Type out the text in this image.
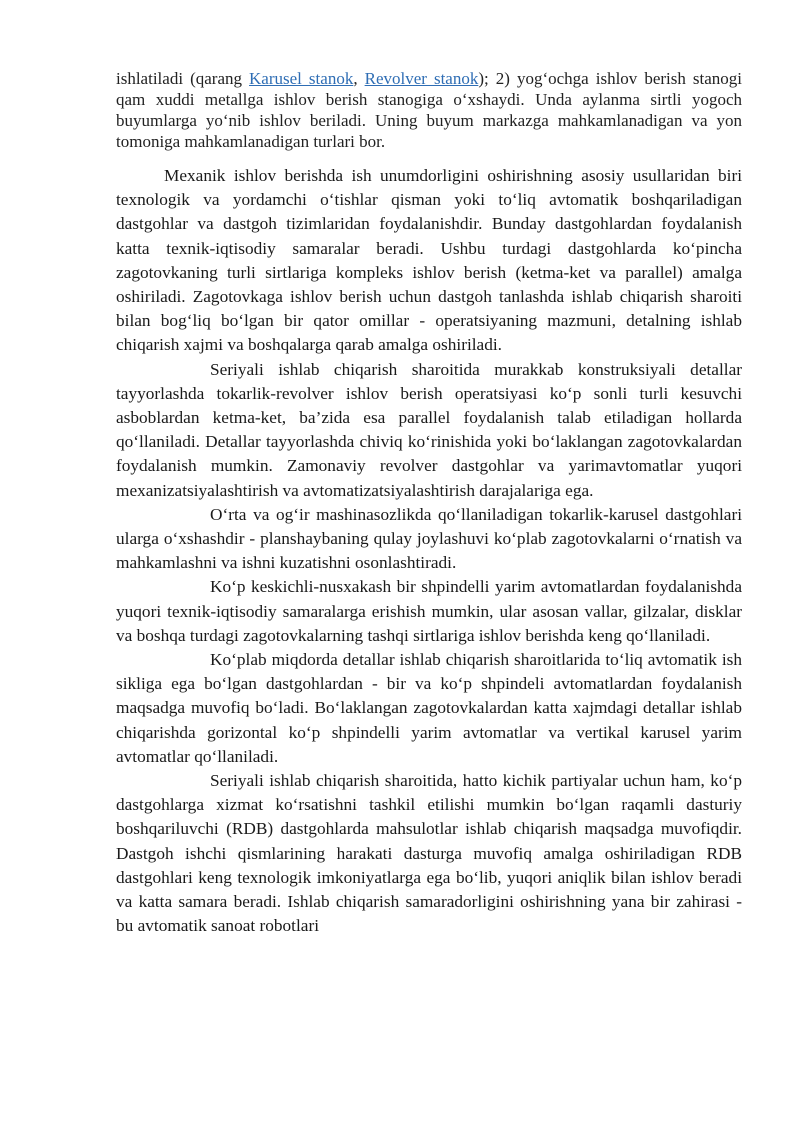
ishlatiladi (qarang Karusel stanok, Revolver stanok); 2) yog‘ochga ishlov berish stanogi qam xuddi metallga ishlov berish stanogiga o‘xshaydi. Unda aylanma sirtli yogoch buyumlarga yo‘nib ishlov beriladi. Uning buyum markazga mahkamlanadigan va yon tomoniga mahkamlanadigan turlari bor.

Mexanik ishlov berishda ish unumdorligini oshirishning asosiy usullaridan biri texnologik va yordamchi o‘tishlar qisman yoki to‘liq avtomatik boshqariladigan dastgohlar va dastgoh tizimlaridan foydalanishdir. Bunday dastgohlardan foydalanish katta texnik-iqtisodiy samaralar beradi. Ushbu turdagi dastgohlarda ko‘pincha zagotovkaning turli sirtlariga kompleks ishlov berish (ketma-ket va parallel) amalga oshiriladi. Zagotovkaga ishlov berish uchun dastgoh tanlashda ishlab chiqarish sharoiti bilan bog‘liq bo‘lgan bir qator omillar - operatsiyaning mazmuni, detalning ishlab chiqarish xajmi va boshqalarga qarab amalga oshiriladi.

Seriyali ishlab chiqarish sharoitida murakkab konstruksiyali detallar tayyorlashda tokarlik-revolver ishlov berish operatsiyasi ko‘p sonli turli kesuvchi asboblardan ketma-ket, ba’zida esa parallel foydalanish talab etiladigan hollarda qo‘llaniladi. Detallar tayyorlashda chiviq ko‘rinishida yoki bo‘laklangan zagotovkalardan foydalanish mumkin. Zamonaviy revolver dastgohlar va yarimavtomatlar yuqori mexanizatsiyalashtirish va avtomatizatsiyalashtirish darajalariga ega.

O‘rta va og‘ir mashinasozlikda qo‘llaniladigan tokarlik-karusel dastgohlari ularga o‘xshashdir - planshaybaning qulay joylashuvi ko‘plab zagotovkalarni o‘rnatish va mahkamlashni va ishni kuzatishni osonlashtiradi.

Ko‘p keskichli-nusxakash bir shpindelli yarim avtomatlardan foydalanishda yuqori texnik-iqtisodiy samaralarga erishish mumkin, ular asosan vallar, gilzalar, disklar va boshqa turdagi zagotovkalarning tashqi sirtlariga ishlov berishda keng qo‘llaniladi.

Ko‘plab miqdorda detallar ishlab chiqarish sharoitlarida to‘liq avtomatik ish sikliga ega bo‘lgan dastgohlardan - bir va ko‘p shpindeli avtomatlardan foydalanish maqsadga muvofiq bo‘ladi. Bo‘laklangan zagotovkalardan katta xajmdagi detallar ishlab chiqarishda gorizontal ko‘p shpindelli yarim avtomatlar va vertikal karusel yarim avtomatlar qo‘llaniladi.

Seriyali ishlab chiqarish sharoitida, hatto kichik partiyalar uchun ham, ko‘p dastgohlarga xizmat ko‘rsatishni tashkil etilishi mumkin bo‘lgan raqamli dasturiy boshqariluvchi (RDB) dastgohlarda mahsulotlar ishlab chiqarish maqsadga muvofiqdir. Dastgoh ishchi qismlarining harakati dasturga muvofiq amalga oshiriladigan RDB dastgohlari keng texnologik imkoniyatlarga ega bo‘lib, yuqori aniqlik bilan ishlov beradi va katta samara beradi. Ishlab chiqarish samaradorligini oshirishning yana bir zahirasi - bu avtomatik sanoat robotlari
